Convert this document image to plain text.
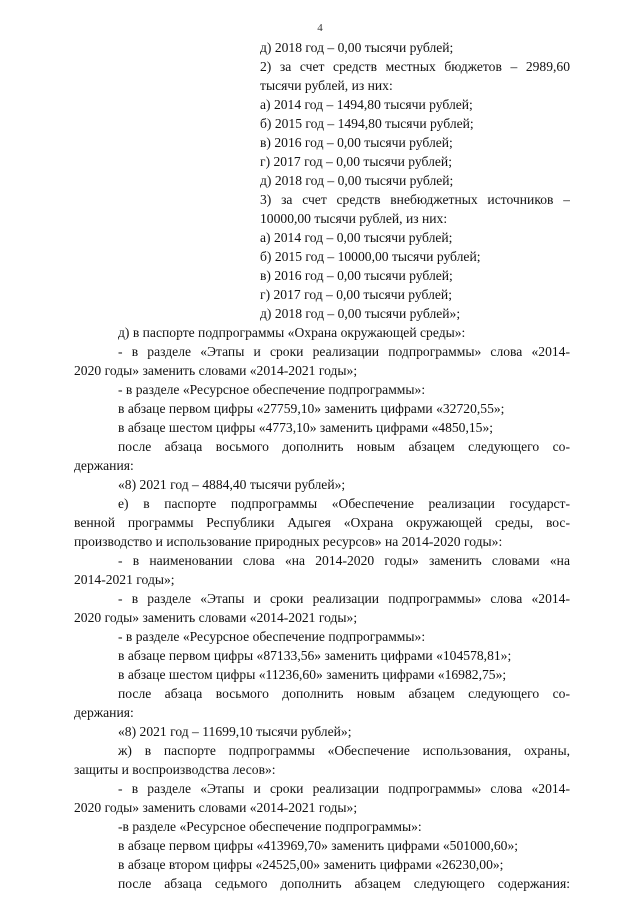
4
д) 2018 год – 0,00 тысячи рублей;
2) за счет средств местных бюджетов – 2989,60
тысячи рублей, из них:
а) 2014 год – 1494,80 тысячи рублей;
б) 2015 год – 1494,80 тысячи рублей;
в) 2016 год – 0,00 тысячи рублей;
г) 2017 год – 0,00 тысячи рублей;
д) 2018 год – 0,00 тысячи рублей;
3) за счет средств внебюджетных источников –
10000,00 тысячи рублей, из них:
а) 2014 год – 0,00 тысячи рублей;
б) 2015 год – 10000,00 тысячи рублей;
в) 2016 год – 0,00 тысячи рублей;
г) 2017 год – 0,00 тысячи рублей;
д) 2018 год – 0,00 тысячи рублей»;
д) в паспорте подпрограммы «Охрана окружающей среды»:
- в разделе «Этапы и сроки реализации подпрограммы» слова «2014-
2020 годы» заменить словами «2014-2021 годы»;
- в разделе «Ресурсное обеспечение подпрограммы»:
в абзаце первом цифры «27759,10» заменить цифрами «32720,55»;
в абзаце шестом цифры «4773,10» заменить цифрами «4850,15»;
после абзаца восьмого дополнить новым абзацем следующего со-
держания:
«8) 2021 год – 4884,40 тысячи рублей»;
е) в паспорте подпрограммы «Обеспечение реализации государст-
венной программы Республики Адыгея «Охрана окружающей среды, вос-
производство и использование природных ресурсов» на 2014-2020 годы»:
- в наименовании слова «на 2014-2020 годы» заменить словами «на
2014-2021 годы»;
- в разделе «Этапы и сроки реализации подпрограммы» слова «2014-
2020 годы» заменить словами «2014-2021 годы»;
- в разделе «Ресурсное обеспечение подпрограммы»:
в абзаце первом цифры «87133,56» заменить цифрами «104578,81»;
в абзаце шестом цифры «11236,60» заменить цифрами «16982,75»;
после абзаца восьмого дополнить новым абзацем следующего со-
держания:
«8) 2021 год – 11699,10 тысячи рублей»;
ж) в паспорте подпрограммы «Обеспечение использования, охраны,
защиты и воспроизводства лесов»:
- в разделе «Этапы и сроки реализации подпрограммы» слова «2014-
2020 годы» заменить словами «2014-2021 годы»;
-в разделе «Ресурсное обеспечение подпрограммы»:
в абзаце первом цифры «413969,70» заменить цифрами «501000,60»;
в абзаце втором цифры «24525,00» заменить цифрами «26230,00»;
после абзаца седьмого дополнить абзацем следующего содержания:
